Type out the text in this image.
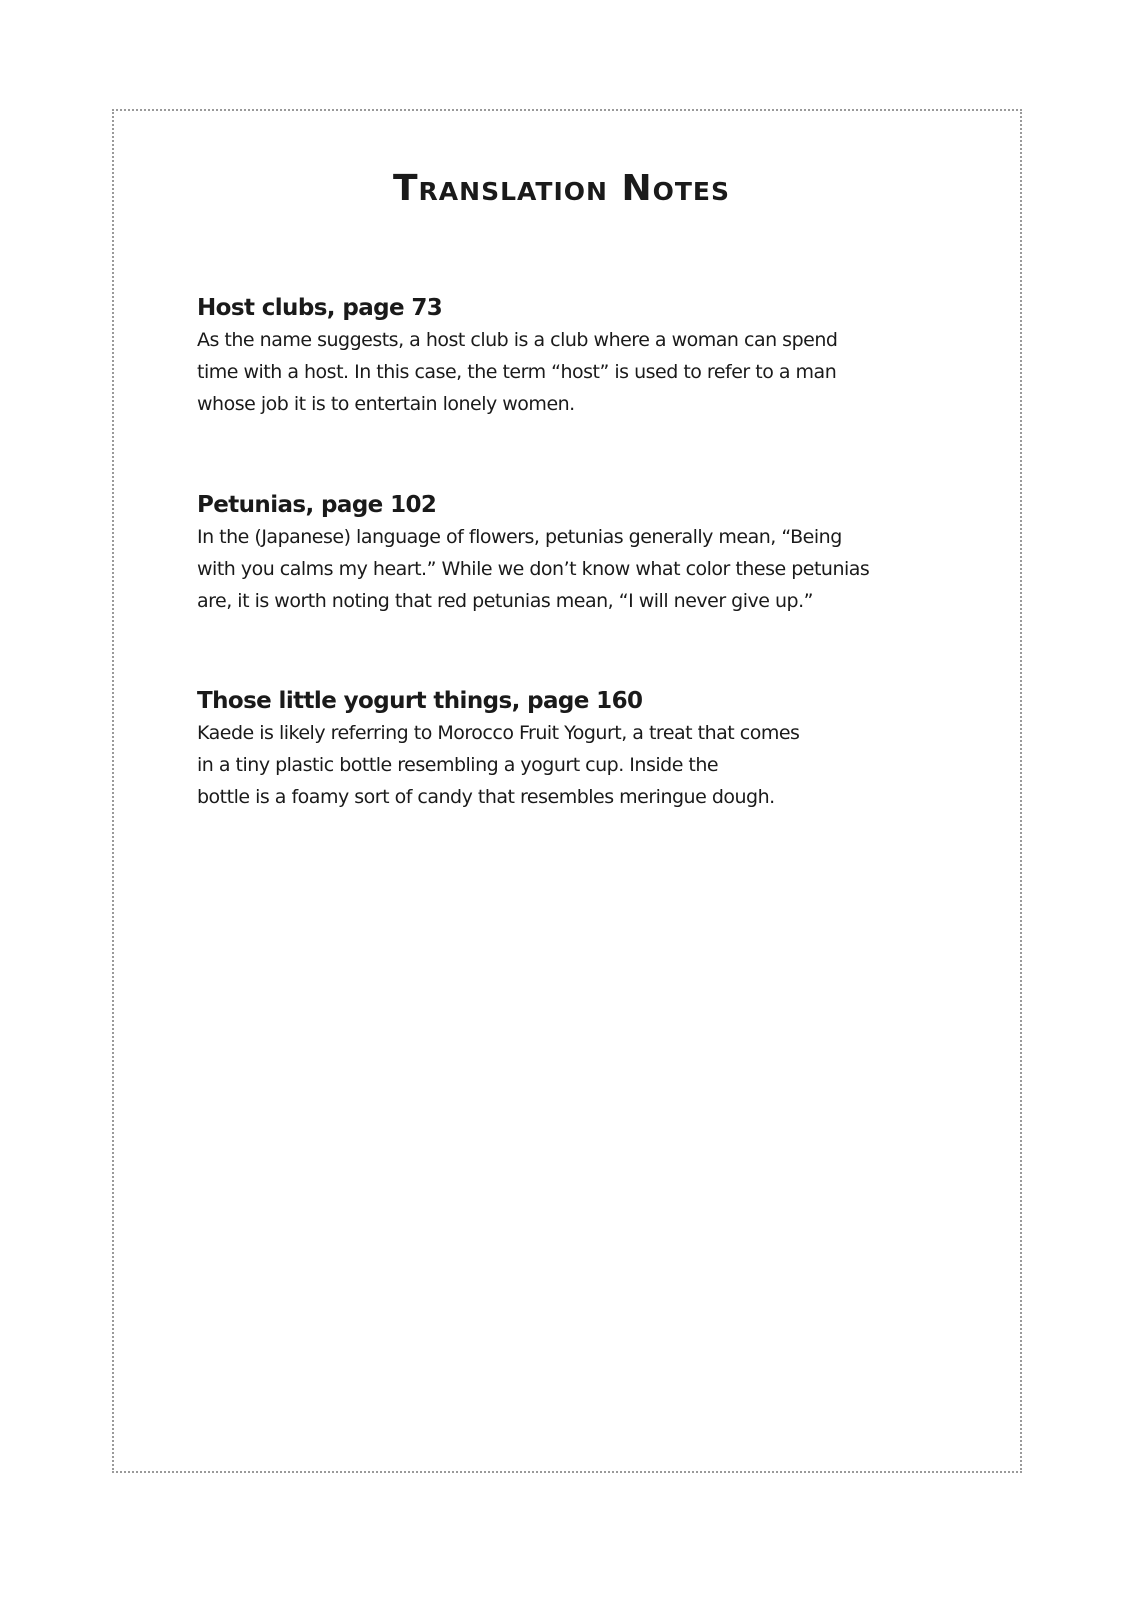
Translation Notes
Host clubs, page 73
As the name suggests, a host club is a club where a woman can spend
time with a host. In this case, the term “host” is used to refer to a man
whose job it is to entertain lonely women.
Petunias, page 102
In the (Japanese) language of flowers, petunias generally mean, “Being
with you calms my heart.” While we don’t know what color these petunias
are, it is worth noting that red petunias mean, “I will never give up.”
Those little yogurt things, page 160
Kaede is likely referring to Morocco Fruit Yogurt, a treat that comes
in a tiny plastic bottle resembling a yogurt cup. Inside the
bottle is a foamy sort of candy that resembles meringue dough.
